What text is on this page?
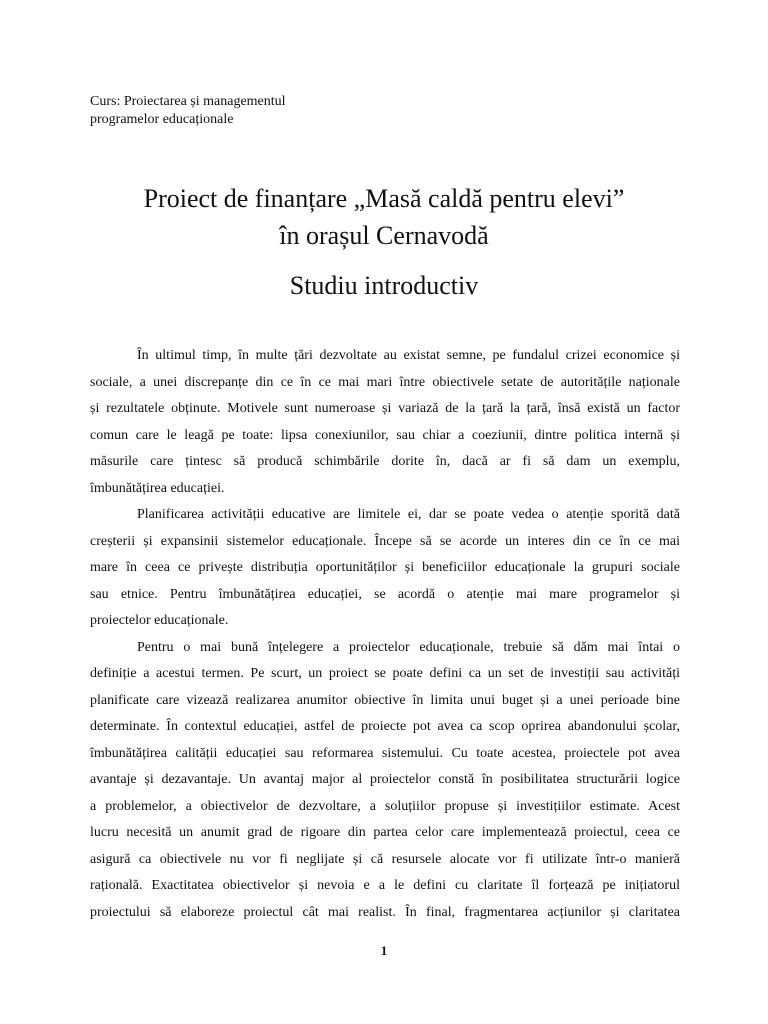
Curs: Proiectarea și managementul
programelor educaționale
Proiect de finanțare „Masă caldă pentru elevi”
în orașul Cernavodă
Studiu introductiv
În ultimul timp, în multe țări dezvoltate au existat semne, pe fundalul crizei economice și
sociale, a unei discrepanțe din ce în ce mai mari între obiectivele setate de autoritățile naționale
și rezultatele obținute. Motivele sunt numeroase și variază de la țară la țară, însă există un factor
comun care le leagă pe toate: lipsa conexiunilor, sau chiar a coeziunii, dintre politica internă și
măsurile care țintesc să producă schimbările dorite în, dacă ar fi să dam un exemplu,
îmbunătățirea educației.
Planificarea activității educative are limitele ei, dar se poate vedea o atenție sporită dată
creșterii și expansinii sistemelor educaționale. Începe să se acorde un interes din ce în ce mai
mare în ceea ce privește distribuția oportunităților și beneficiilor educaționale la grupuri sociale
sau etnice. Pentru îmbunătățirea educației, se acordă o atenție mai mare programelor și
proiectelor educaționale.
Pentru o mai bună înțelegere a proiectelor educaționale, trebuie să dăm mai întai o
definiție a acestui termen. Pe scurt, un proiect se poate defini ca un set de investiții sau activități
planificate care vizează realizarea anumitor obiective în limita unui buget și a unei perioade bine
determinate. În contextul educației, astfel de proiecte pot avea ca scop oprirea abandonului școlar,
îmbunătățirea calității educației sau reformarea sistemului. Cu toate acestea, proiectele pot avea
avantaje și dezavantaje. Un avantaj major al proiectelor constă în posibilitatea structurării logice
a problemelor, a obiectivelor de dezvoltare, a soluțiilor propuse și investițiilor estimate. Acest
lucru necesită un anumit grad de rigoare din partea celor care implementează proiectul, ceea ce
asigură ca obiectivele nu vor fi neglijate și că resursele alocate vor fi utilizate într-o manieră
rațională. Exactitatea obiectivelor și nevoia e a le defini cu claritate îl forțează pe inițiatorul
proiectului să elaboreze proiectul cât mai realist. În final, fragmentarea acțiunilor și claritatea
1
